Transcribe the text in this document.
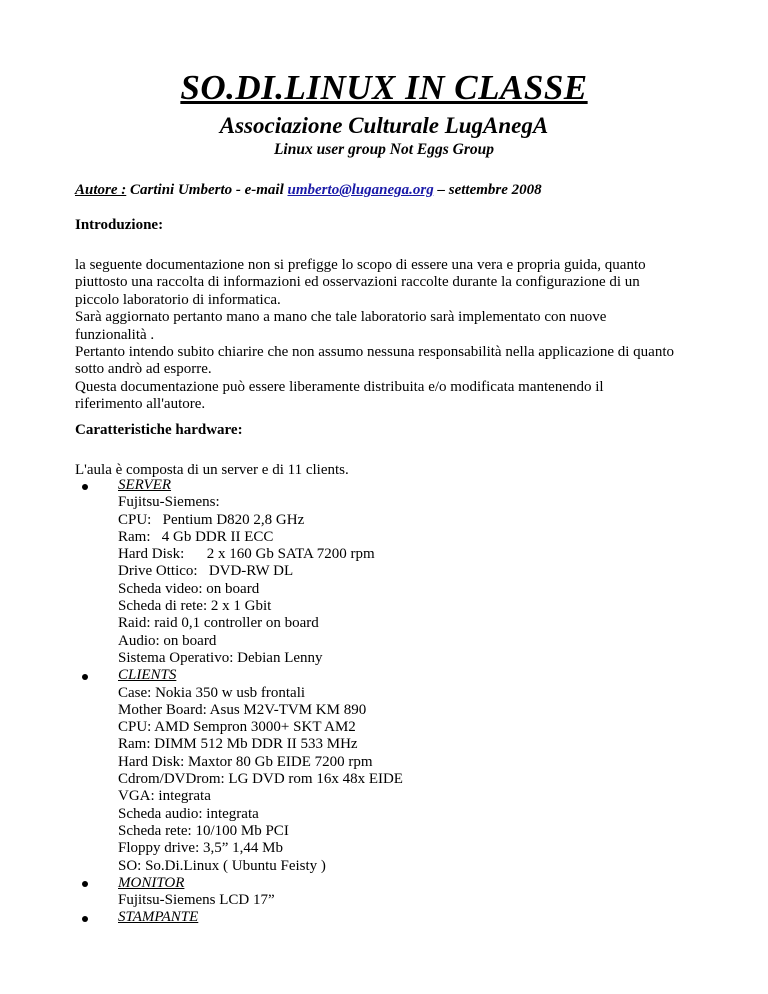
SO.DI.LINUX IN CLASSE
Associazione Culturale LugAnegA
Linux user group Not Eggs Group
Autore : Cartini Umberto - e-mail umberto@luganega.org – settembre 2008
Introduzione:
la seguente documentazione non si prefigge lo scopo di essere una vera e propria guida, quanto
piuttosto una raccolta di informazioni ed osservazioni raccolte durante la configurazione di un
piccolo laboratorio di informatica.
Sarà aggiornato pertanto mano a mano che tale laboratorio sarà implementato con nuove
funzionalità .
Pertanto intendo subito chiarire che non assumo nessuna responsabilità nella applicazione di quanto
sotto andrò ad esporre.
Questa documentazione può essere liberamente distribuita e/o modificata mantenendo il
riferimento all'autore.
Caratteristiche hardware:
L'aula è composta di un server e di 11 clients.
SERVER
Fujitsu-Siemens:
CPU:   Pentium D820 2,8 GHz
Ram:   4 Gb DDR II ECC
Hard Disk:      2 x 160 Gb SATA 7200 rpm
Drive Ottico:   DVD-RW DL
Scheda video: on board
Scheda di rete: 2 x 1 Gbit
Raid: raid 0,1 controller on board
Audio: on board
Sistema Operativo: Debian Lenny
CLIENTS
Case: Nokia 350 w usb frontali
Mother Board: Asus M2V-TVM KM 890
CPU: AMD Sempron 3000+ SKT AM2
Ram: DIMM 512 Mb DDR II 533 MHz
Hard Disk: Maxtor 80 Gb EIDE 7200 rpm
Cdrom/DVDrom: LG DVD rom 16x 48x EIDE
VGA: integrata
Scheda audio: integrata
Scheda rete: 10/100 Mb PCI
Floppy drive: 3,5” 1,44 Mb
SO: So.Di.Linux ( Ubuntu Feisty )
MONITOR
Fujitsu-Siemens LCD 17”
STAMPANTE
